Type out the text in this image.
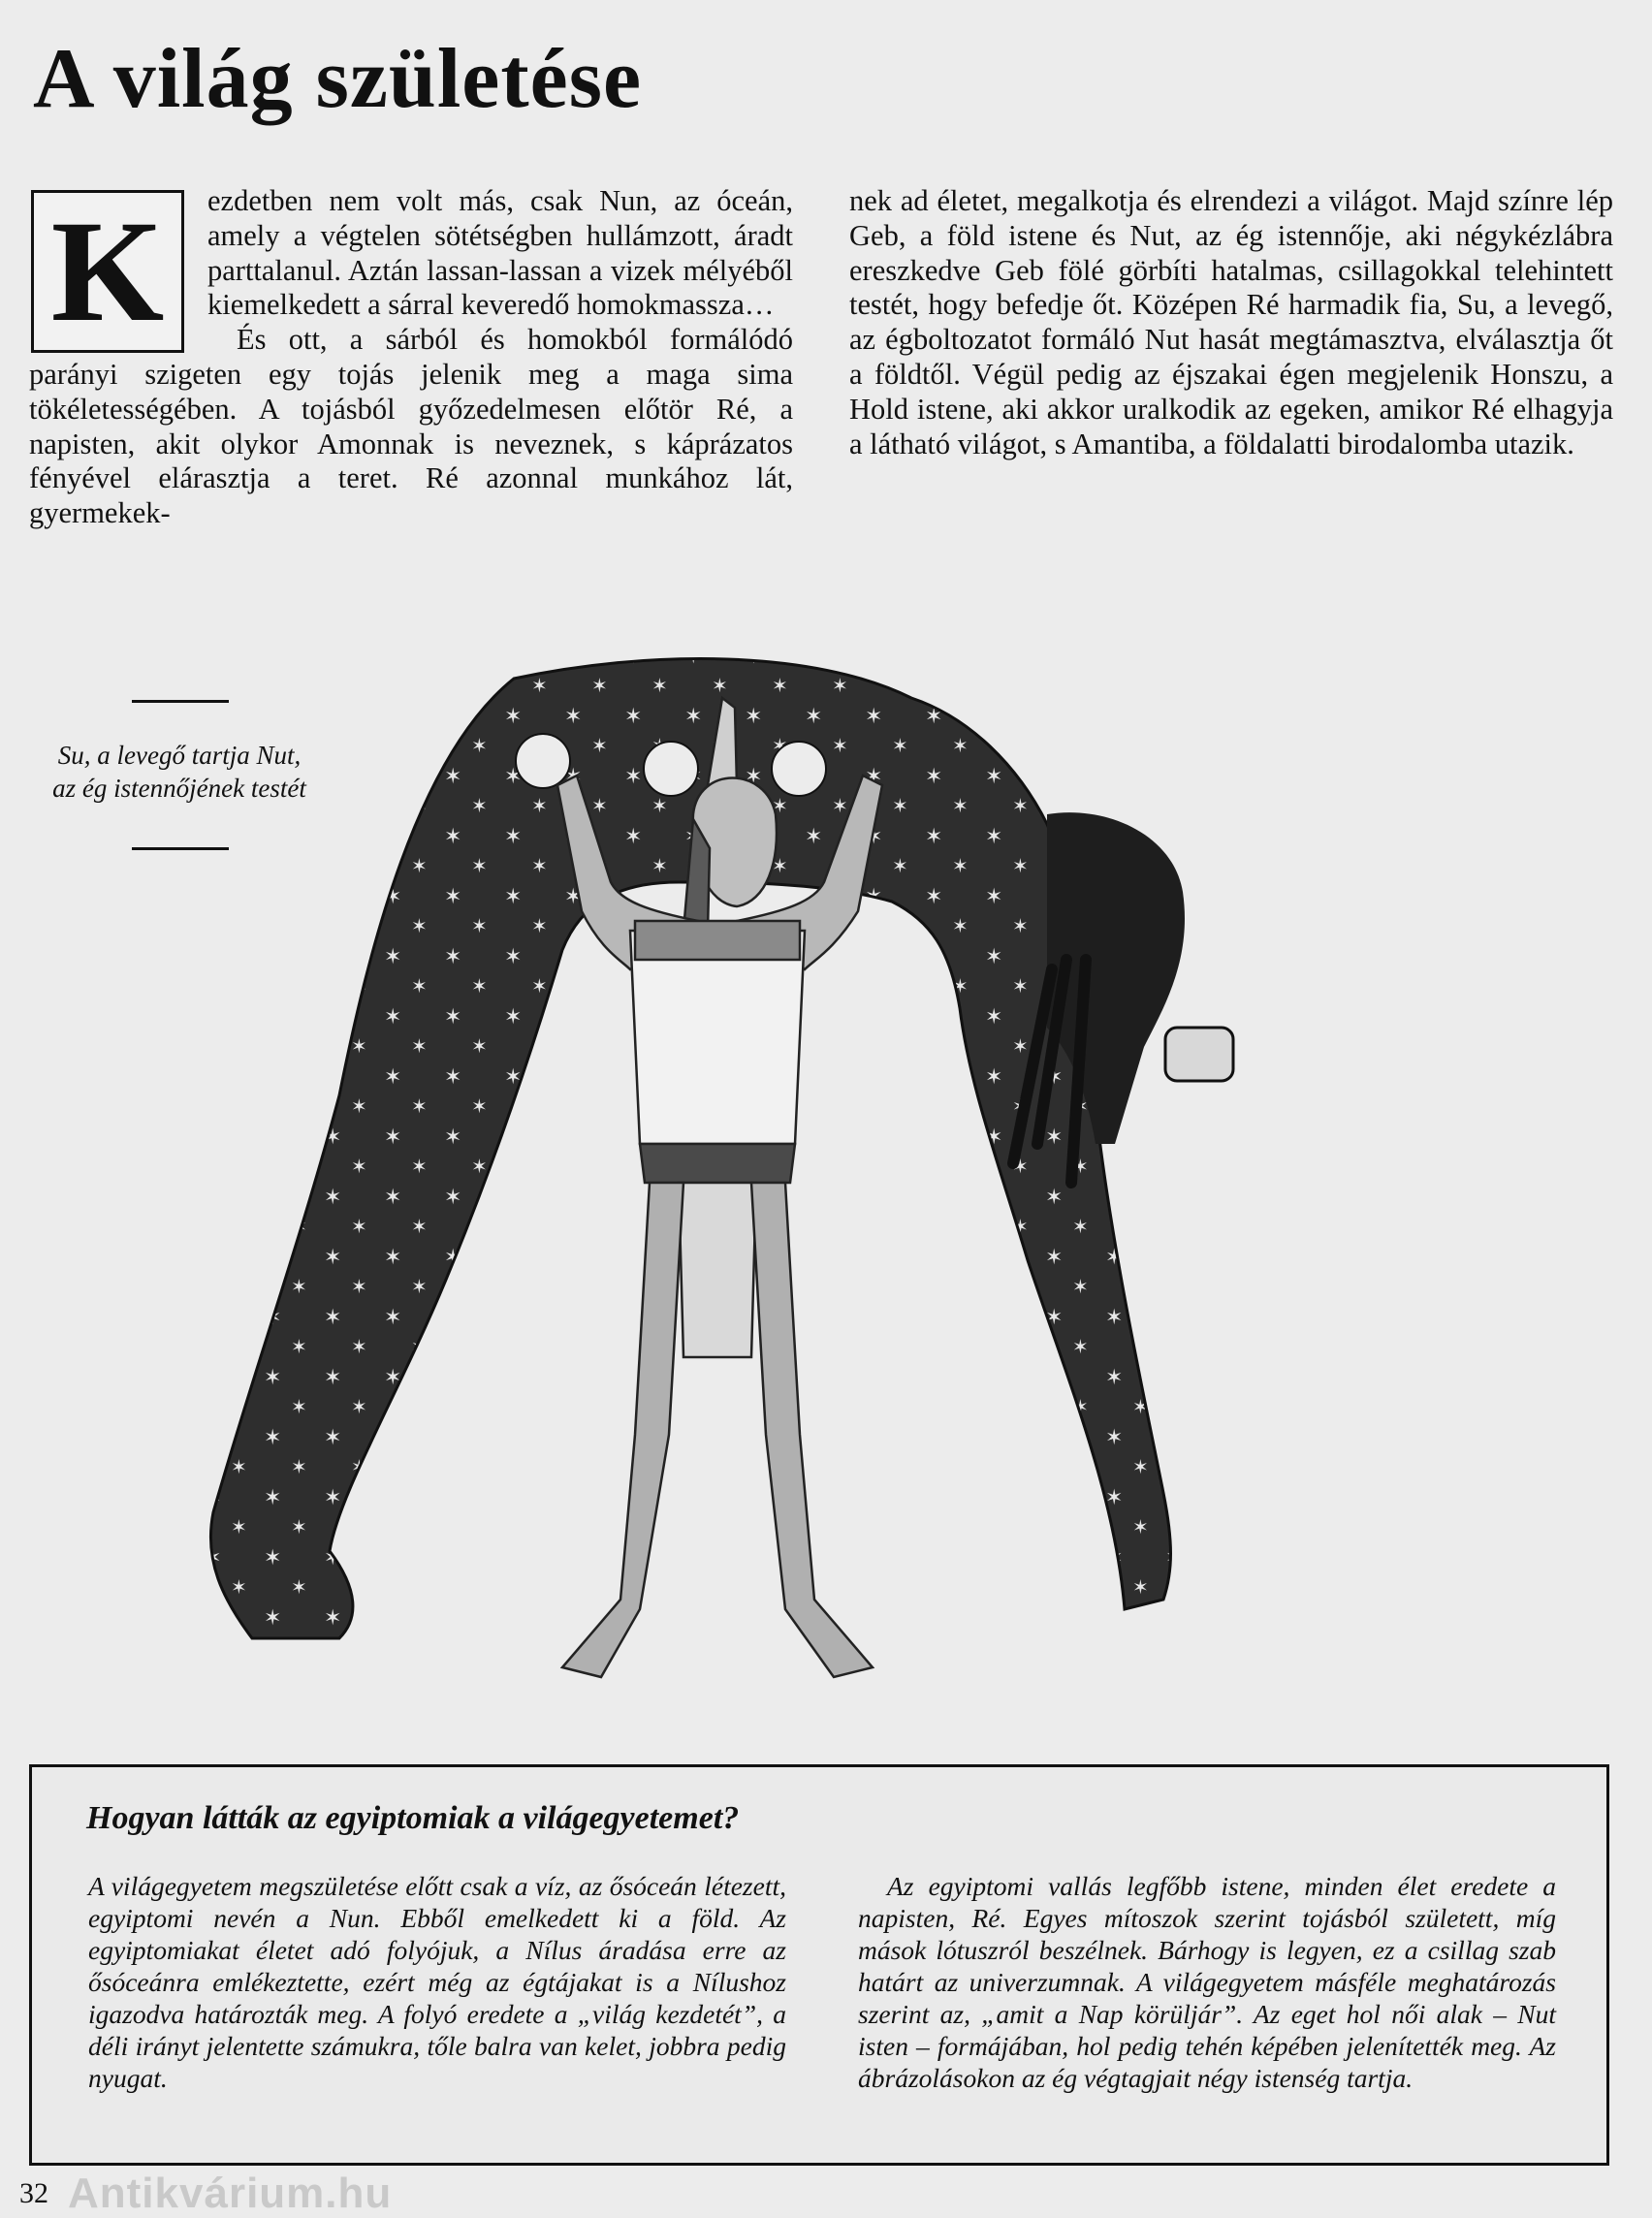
A világ születése
K	ezdetben nem volt más, csak Nun, az óceán, amely a végtelen sötétségben hullámzott, áradt parttalanul. Aztán lassan-lassan a vizek mélyéből kiemelkedett a sárral keveredő homokmassza…

És ott, a sárból és homokból formálódó parányi szigeten egy tojás jelenik meg a maga sima tökéletességében. A tojásból győzedelmesen előtör Ré, a napisten, akit olykor Amonnak is neveznek, s káprázatos fényével elárasztja a teret. Ré azonnal munkához lát, gyermekek-

nek ad életet, megalkotja és elrendezi a világot. Majd színre lép Geb, a föld istene és Nut, az ég istennője, aki négykézlábra ereszkedve Geb fölé görbíti hatalmas, csillagokkal telehintett testét, hogy befedje őt. Középen Ré harmadik fia, Su, a levegő, az égboltozatot formáló Nut hasát megtámasztva, elválasztja őt a földtől. Végül pedig az éjszakai égen megjelenik Honszu, a Hold istene, aki akkor uralkodik az egeken, amikor Ré elhagyja a látható világot, s Amantiba, a földalatti birodalomba utazik.

Su, a levegő tartja Nut,
az ég istennőjének testét
Hogyan látták az egyiptomiak a világegyetemet?

A világegyetem megszületése előtt csak a víz, az ősóceán létezett, egyiptomi nevén a Nun. Ebből emelkedett ki a föld. Az egyiptomiakat életet adó folyójuk, a Nílus áradása erre az ősóceánra emlékeztette, ezért még az égtájakat is a Nílushoz igazodva határozták meg. A folyó eredete a „világ kezdetét”, a déli irányt jelentette számukra, tőle balra van kelet, jobbra pedig nyugat.

Az egyiptomi vallás legfőbb istene, minden élet eredete a napisten, Ré. Egyes mítoszok szerint tojásból született, míg mások lótuszról beszélnek. Bárhogy is legyen, ez a csillag szab határt az univerzumnak. A világegyetem másféle meghatározás szerint az, „amit a Nap körüljár”. Az eget hol női alak – Nut isten – formájában, hol pedig tehén képében jelenítették meg. Az ábrázolásokon az ég végtagjait négy istenség tartja.

32 Antikvárium.hu
